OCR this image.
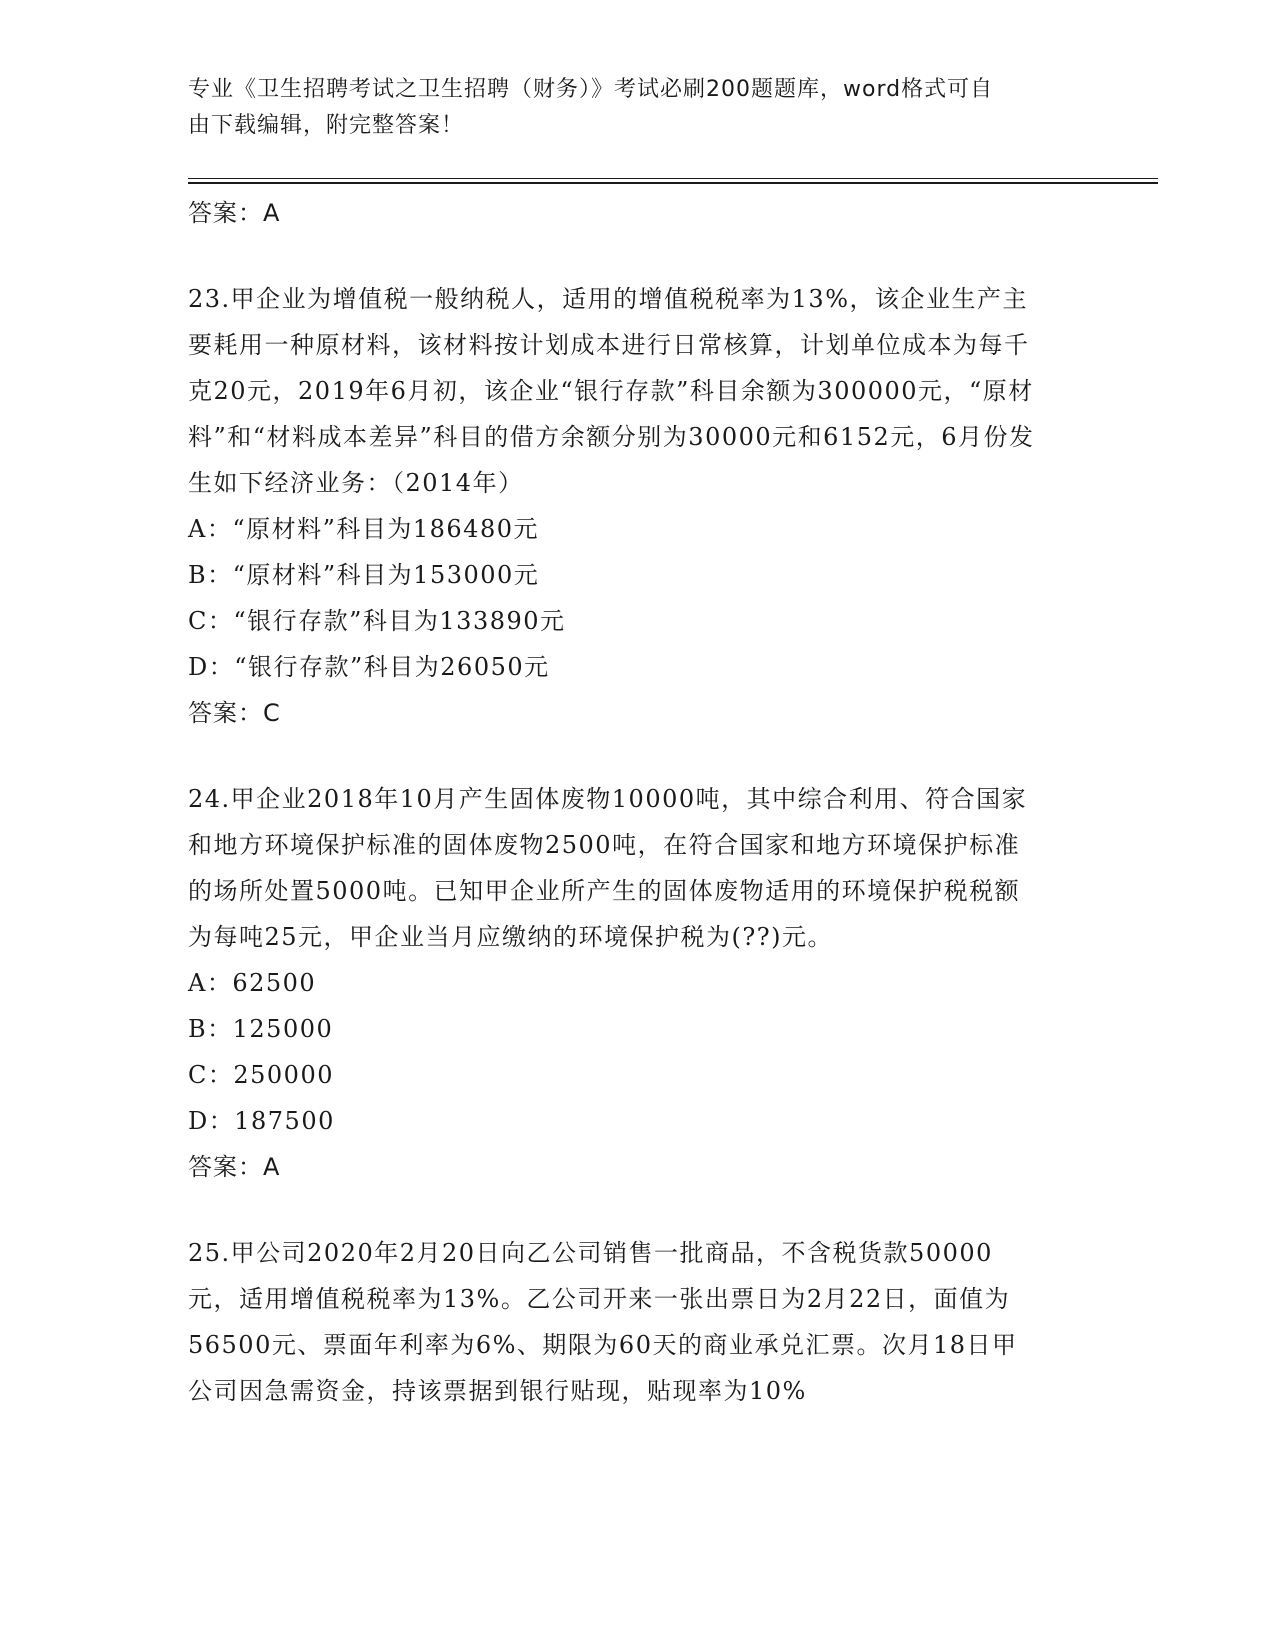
专业《卫生招聘考试之卫生招聘（财务）》考试必刷200题题库，word格式可自

由下载编辑，附完整答案！

答案：A

23.甲企业为增值税一般纳税人，适用的增值税税率为13%，该企业生产主要耗用一种原材料，该材料按计划成本进行日常核算，计划单位成本为每千克20元，2019年6月初，该企业“银行存款”科目余额为300000元，“原材料”和“材料成本差异”科目的借方余额分别为30000元和6152元，6月份发生如下经济业务：（2014年）

A：“原材料”科目为186480元

B：“原材料”科目为153000元

C：“银行存款”科目为133890元

D：“银行存款”科目为26050元

答案：C

24.甲企业2018年10月产生固体废物10000吨，其中综合利用、符合国家和地方环境保护标准的固体废物2500吨，在符合国家和地方环境保护标准的场所处置5000吨。已知甲企业所产生的固体废物适用的环境保护税税额为每吨25元，甲企业当月应缴纳的环境保护税为(??)元。

A：62500

B：125000

C：250000

D：187500

答案：A

25.甲公司2020年2月20日向乙公司销售一批商品，不含税货款50000元，适用增值税税率为13%。乙公司开来一张出票日为2月22日，面值为56500元、票面年利率为6%、期限为60天的商业承兑汇票。次月18日甲公司因急需资金，持该票据到银行贴现，贴现率为10%
